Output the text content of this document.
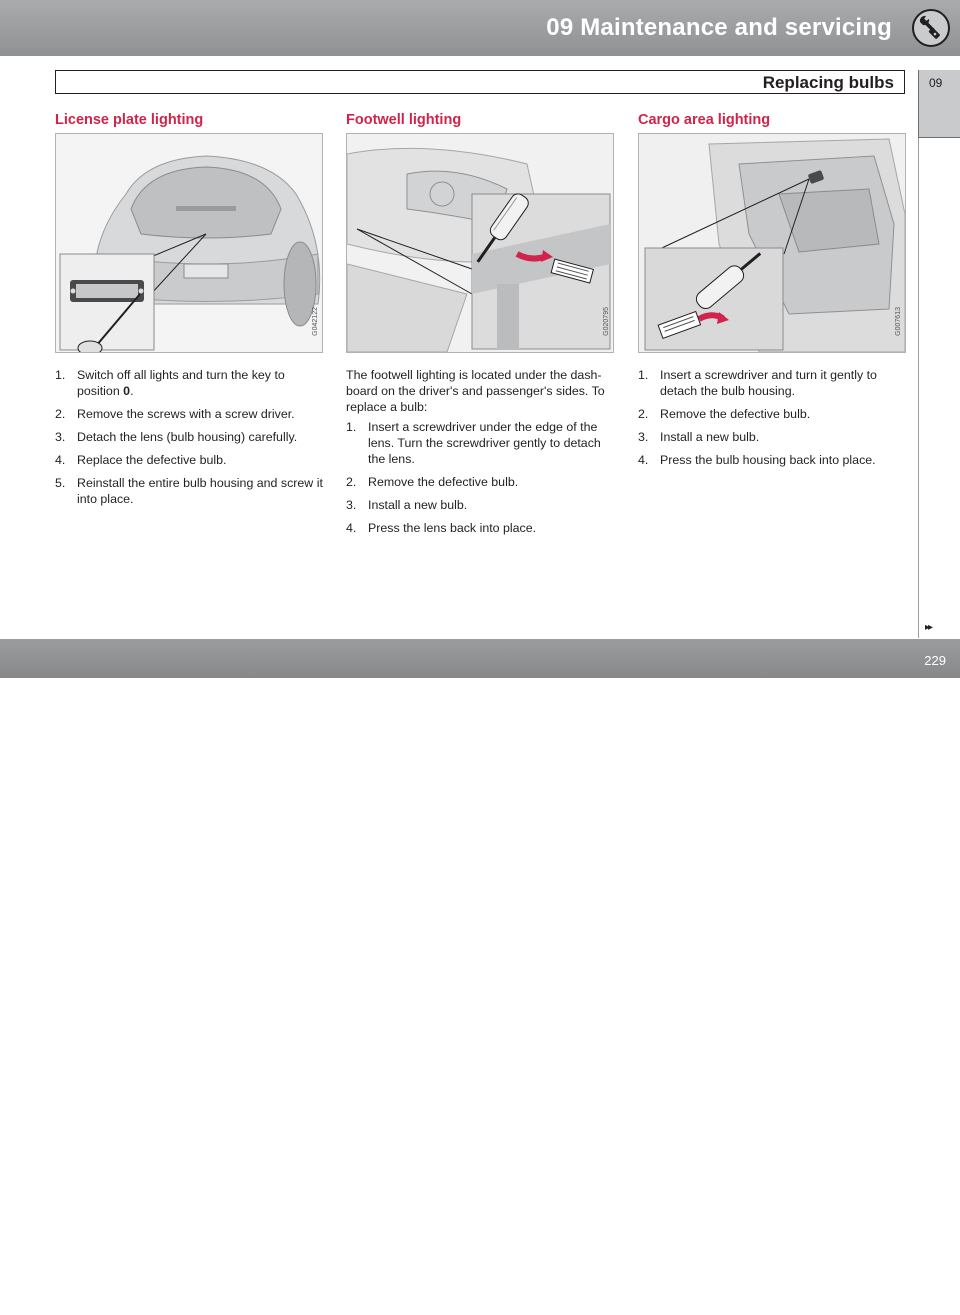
09 Maintenance and servicing
Replacing bulbs	09
License plate lighting
G042122
1. Switch off all lights and turn the key to position 0.
2. Remove the screws with a screw driver.
3. Detach the lens (bulb housing) carefully.
4. Replace the defective bulb.
5. Reinstall the entire bulb housing and screw it into place.
Footwell lighting
G020795

The footwell lighting is located under the dash-board on the driver's and passenger's sides. To replace a bulb:

1. Insert a screwdriver under the edge of the lens. Turn the screwdriver gently to detach the lens.
2. Remove the defective bulb.
3. Install a new bulb.
4. Press the lens back into place.
Cargo area lighting
G007613
1. Insert a screwdriver and turn it gently to detach the bulb housing.
2. Remove the defective bulb.
3. Install a new bulb.
4. Press the bulb housing back into place.
▸▸
carmanualsonline.info
229
